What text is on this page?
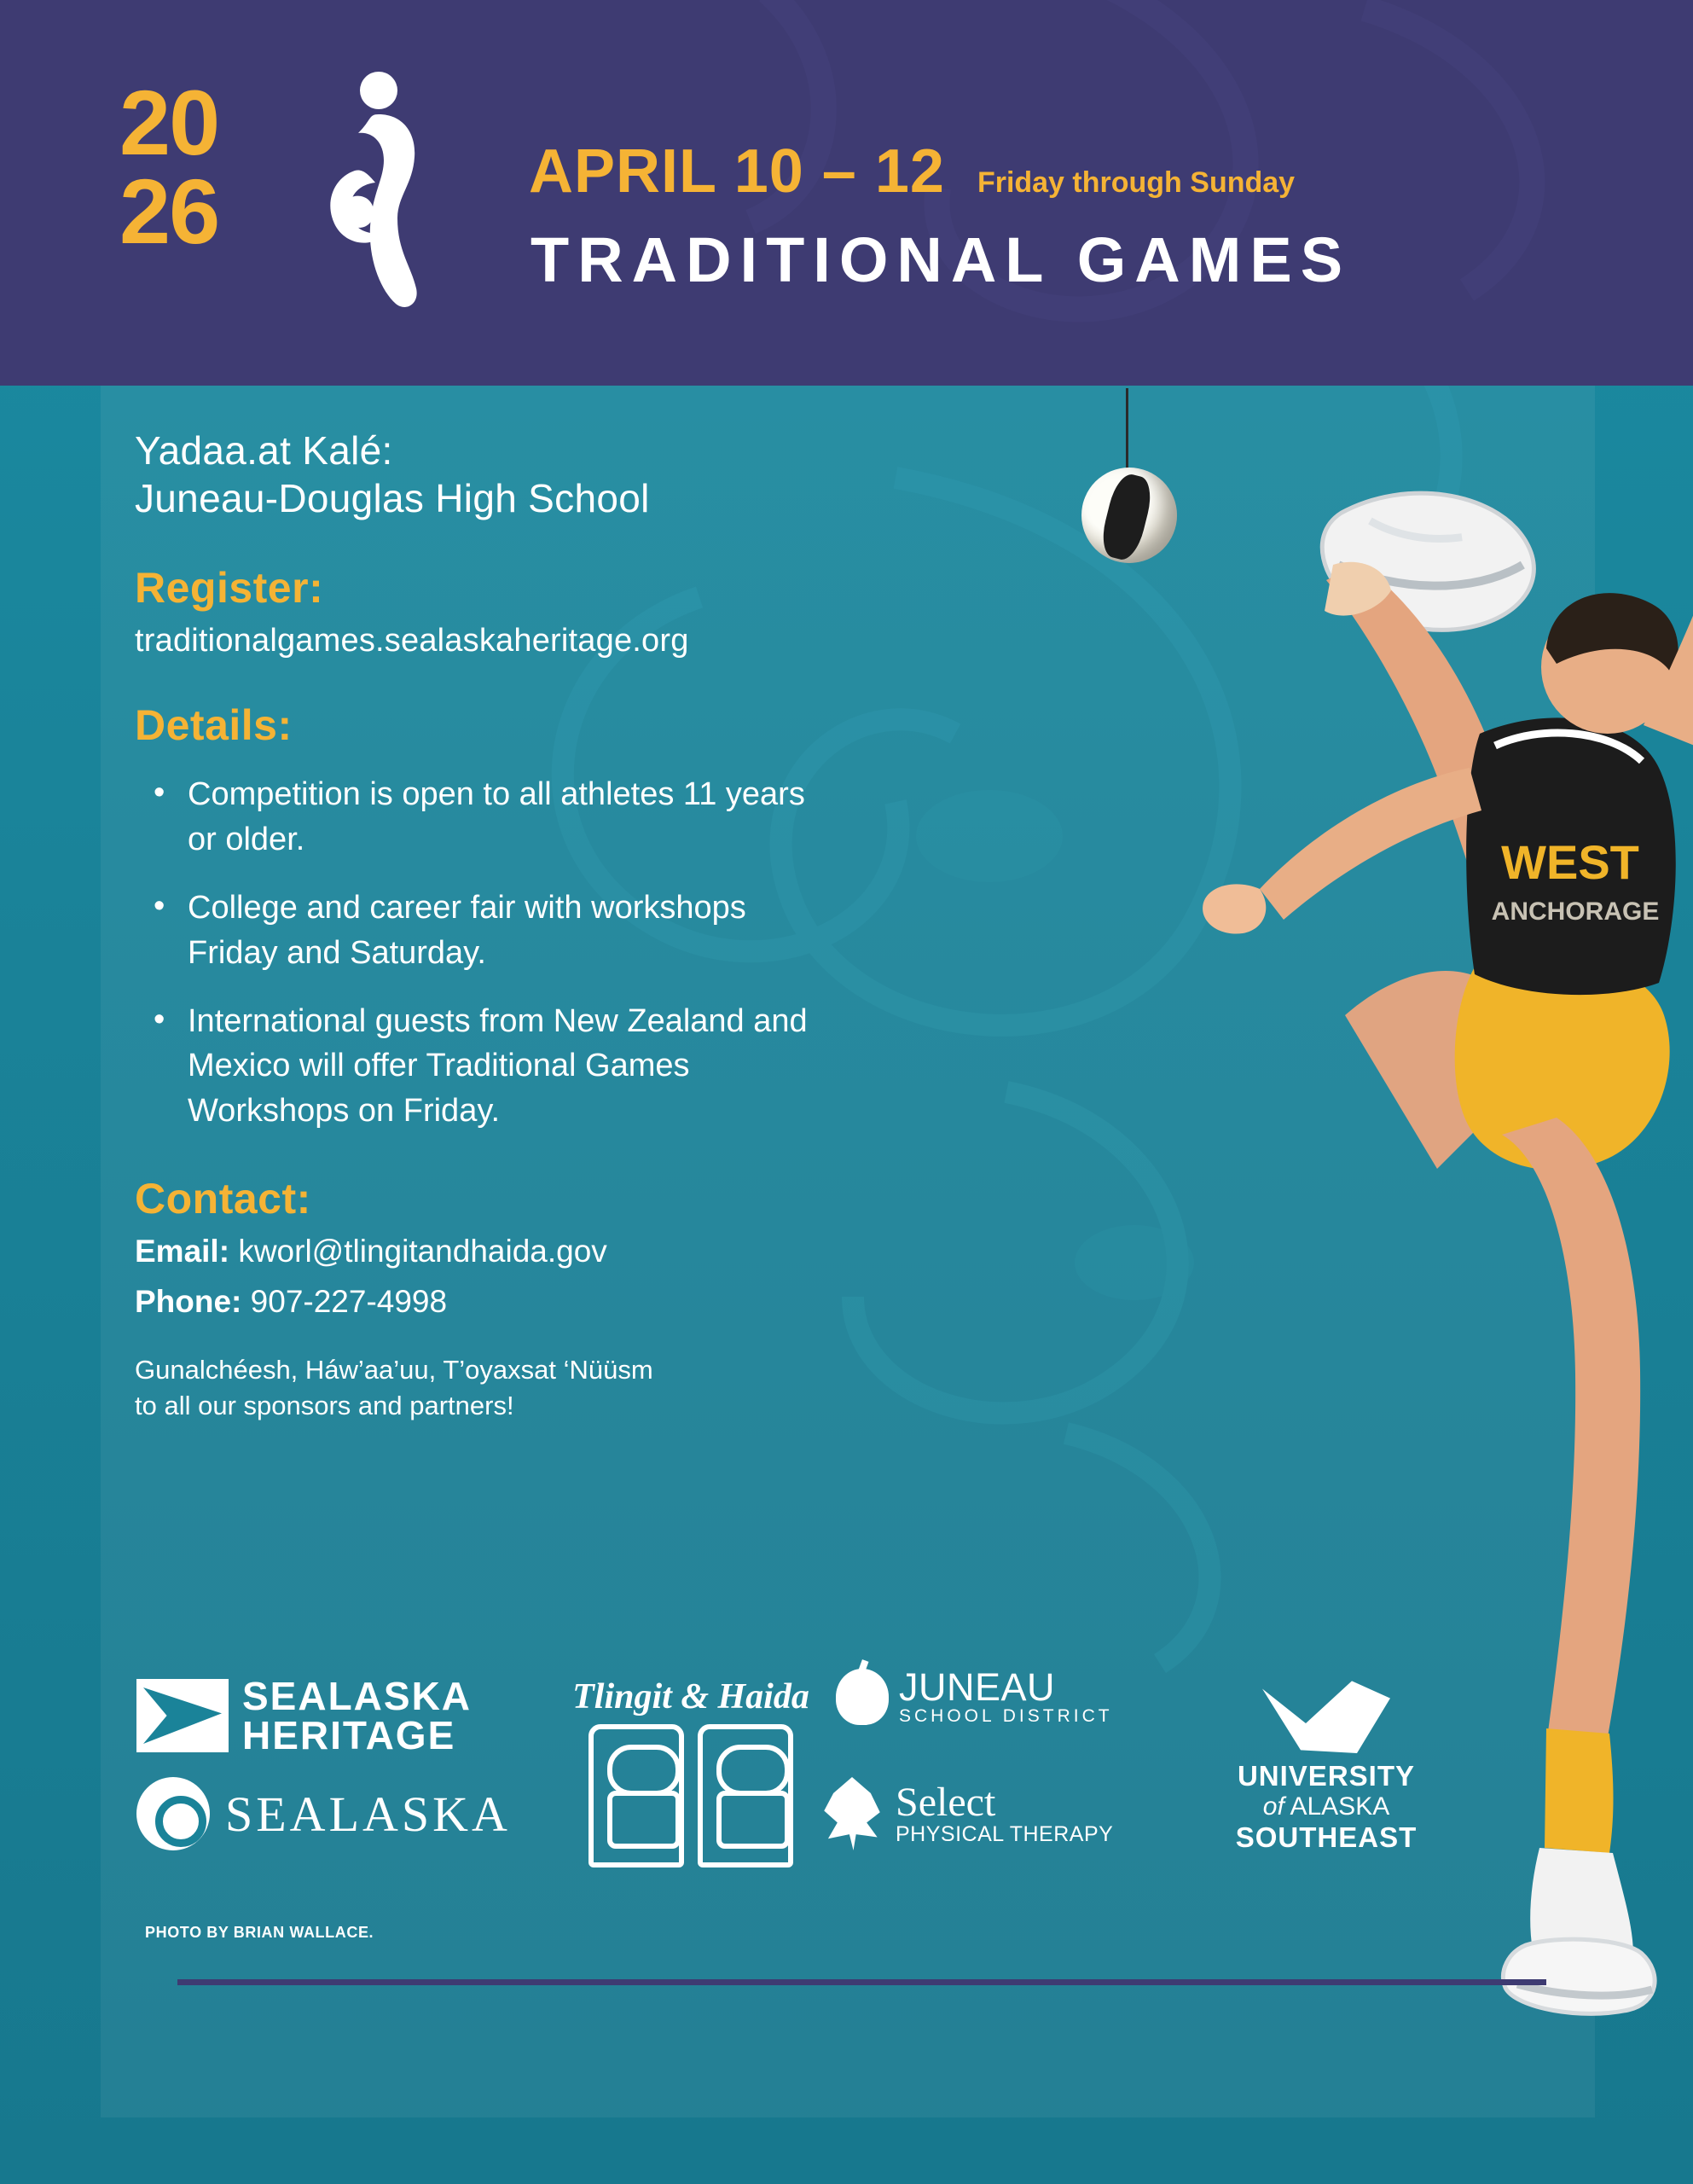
20
26	APRIL 10 – 12 Friday through Sunday
TRADITIONAL GAMES
WEST
ANCHORAGE
Yadaa.at Kalé:
Juneau-Douglas High School
Register:
traditionalgames.sealaskaheritage.org
Details:
• Competition is open to all athletes 11 years or older.
• College and career fair with workshops Friday and Saturday.
• International guests from New Zealand and Mexico will offer Traditional Games Workshops on Friday.
Contact:
Email: kworl@tlingitandhaida.gov
Phone: 907-227-4998
Gunalchéesh, Háw’aa’uu, T’oyaxsat ‘Nüüsm
to all our sponsors and partners!
SEALASKA
HERITAGE
SEALASKA
Tlingit & Haida JUNEAU
SCHOOL DISTRICT
Select
PHYSICAL THERAPY
UNIVERSITY
of ALASKA
SOUTHEAST
PHOTO BY BRIAN WALLACE.
